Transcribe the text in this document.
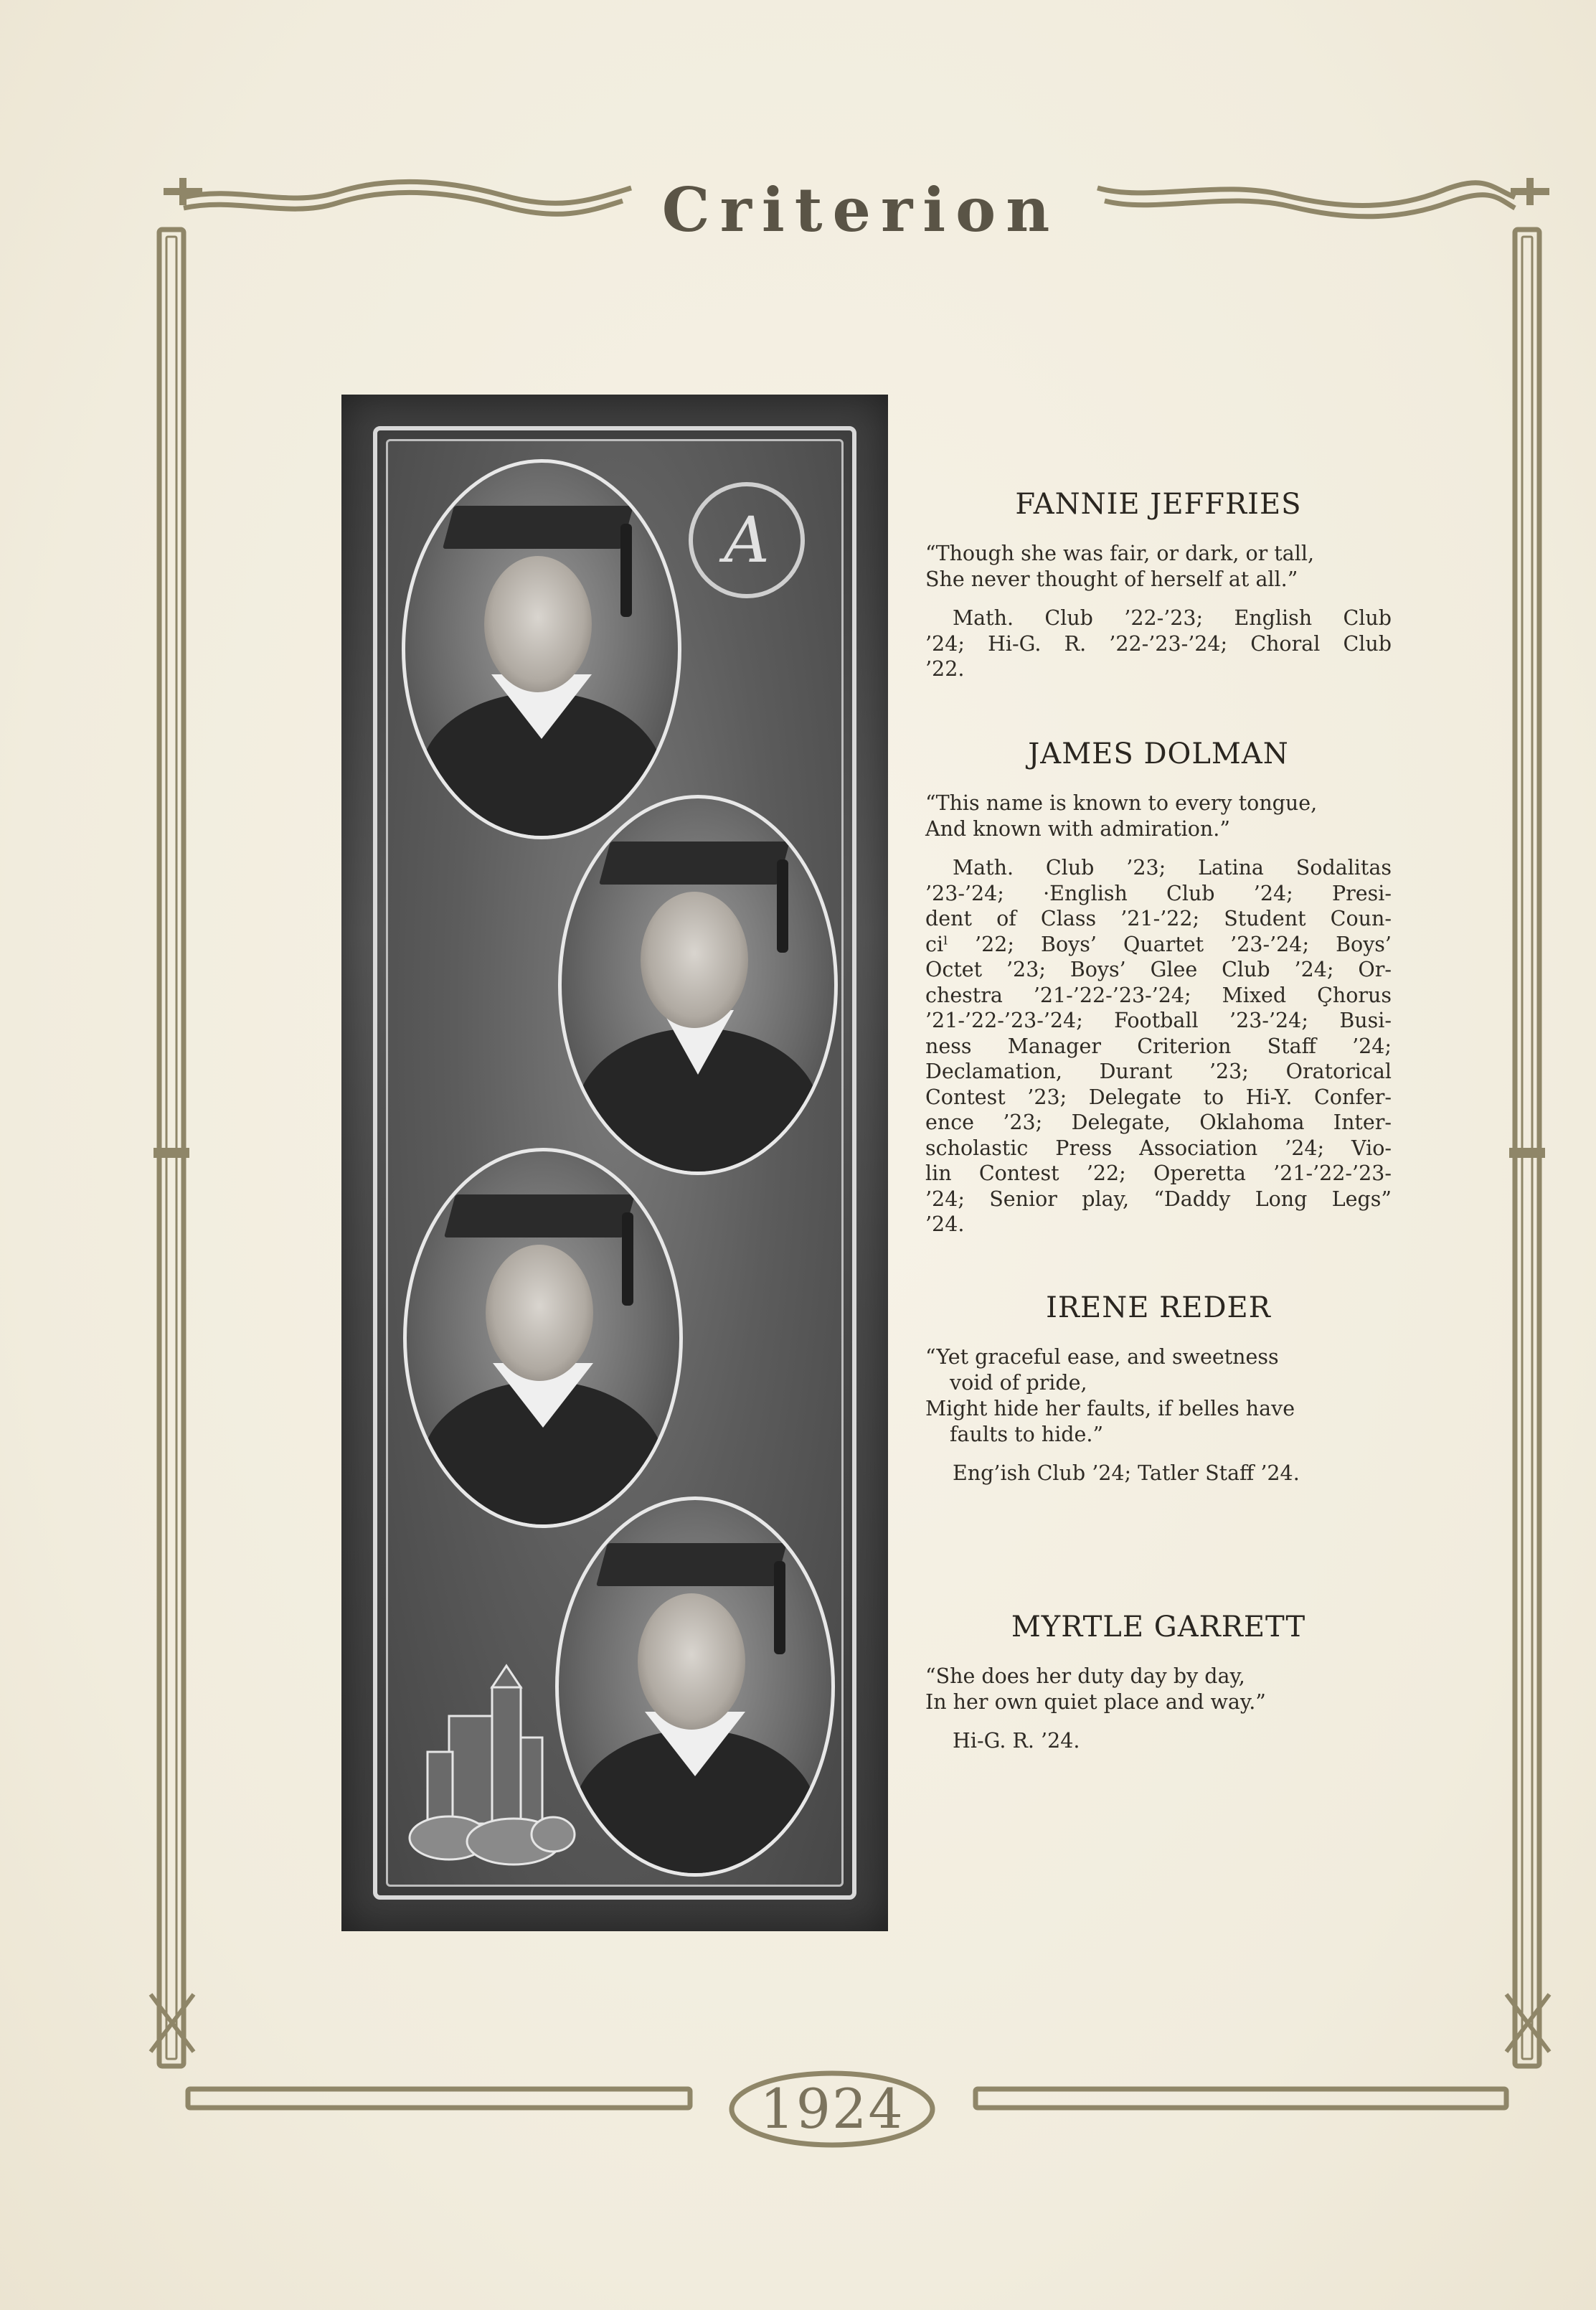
Criterion
1924
A	FANNIE JEFFRIES
“Though she was fair, or dark, or tall,
She never thought of herself at all.”
Math. Club ’22-’23; English Club
’24; Hi-G. R. ’22-’23-’24; Choral Club
’22.
JAMES DOLMAN
“This name is known to every tongue,
And known with admiration.”
Math. Club ’23; Latina Sodalitas
’23-’24; ·English Club ’24; Presi-
dent of Class ’21-’22; Student Coun-
ciˡ ’22; Boys’ Quartet ’23-’24; Boys’
Octet ’23; Boys’ Glee Club ’24; Or-
chestra ’21-’22-’23-’24; Mixed Çhorus
’21-’22-’23-’24; Football ’23-’24; Busi-
ness Manager Criterion Staff ’24;
Declamation, Durant ’23; Oratorical
Contest ’23; Delegate to Hi-Y. Confer-
ence ’23; Delegate, Oklahoma Inter-
scholastic Press Association ’24; Vio-
lin Contest ’22; Operetta ’21-’22-’23-
’24; Senior play, “Daddy Long Legs”
’24.
IRENE REDER
“Yet graceful ease, and sweetness
void of pride,
Might hide her faults, if belles have
faults to hide.”
Eng’ish Club ’24; Tatler Staff ’24.
MYRTLE GARRETT
“She does her duty day by day,
In her own quiet place and way.”
Hi-G. R. ’24.
